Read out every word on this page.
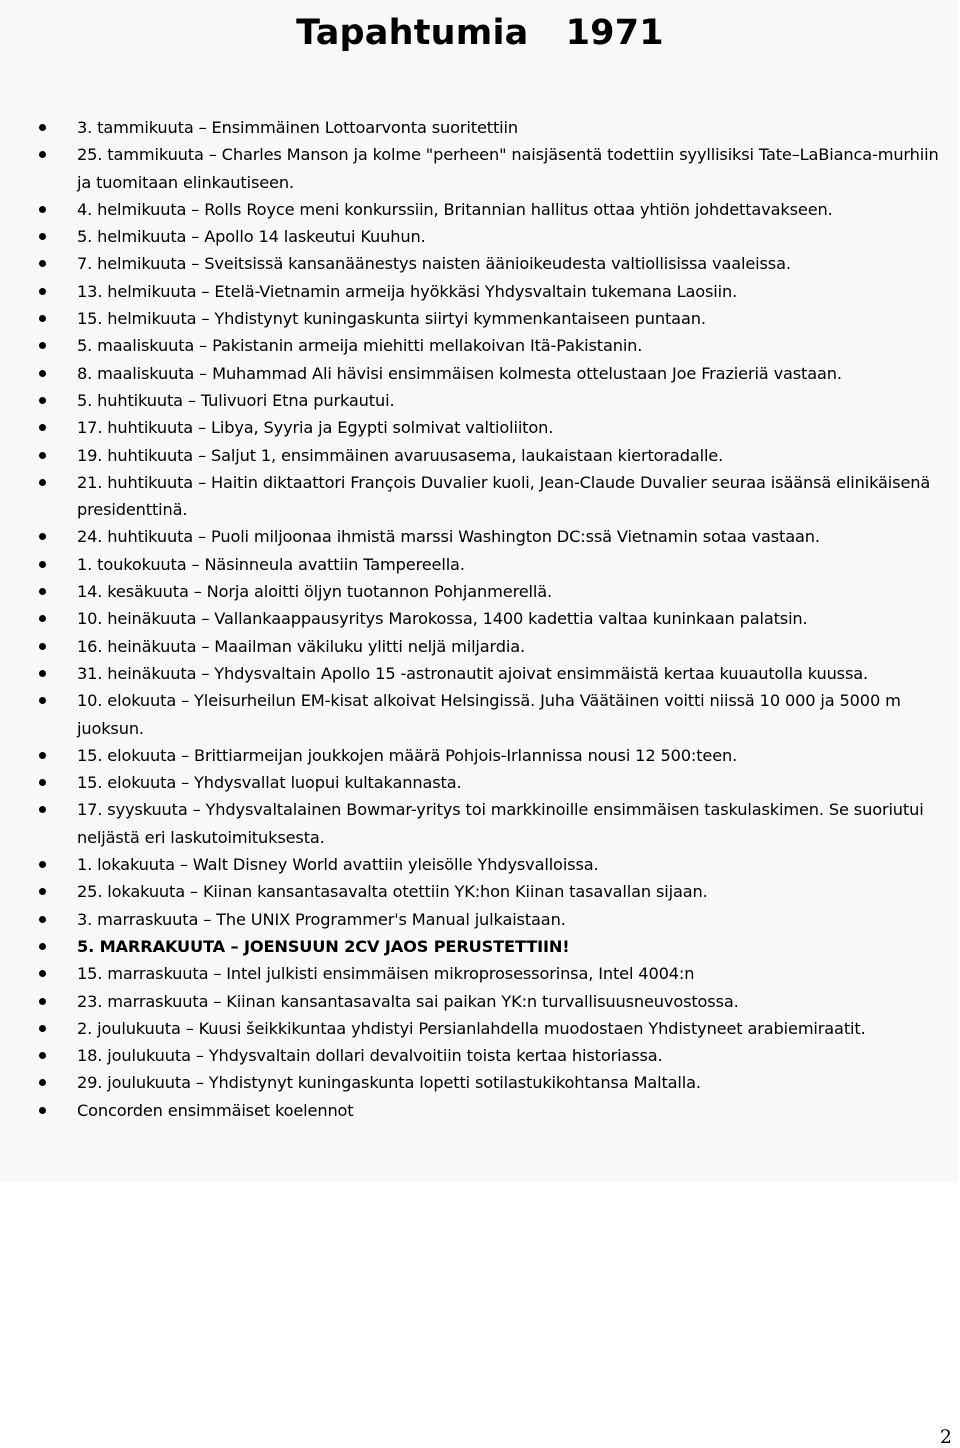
Tapahtumia   1971
3. tammikuuta – Ensimmäinen Lottoarvonta suoritettiin
25. tammikuuta – Charles Manson ja kolme "perheen" naisjäsentä todettiin syyllisiksi Tate–LaBianca-murhiin ja tuomitaan elinkautiseen.
4. helmikuuta – Rolls Royce meni konkurssiin, Britannian hallitus ottaa yhtiön johdettavakseen.
5. helmikuuta – Apollo 14 laskeutui Kuuhun.
7. helmikuuta – Sveitsissä kansanäänestys naisten äänioikeudesta valtiollisissa vaaleissa.
13. helmikuuta – Etelä-Vietnamin armeija hyökkäsi Yhdysvaltain tukemana Laosiin.
15. helmikuuta – Yhdistynyt kuningaskunta siirtyi kymmenkantaiseen puntaan.
5. maaliskuuta – Pakistanin armeija miehitti mellakoivan Itä-Pakistanin.
8. maaliskuuta – Muhammad Ali hävisi ensimmäisen kolmesta ottelustaan Joe Frazieriä vastaan.
5. huhtikuuta – Tulivuori Etna purkautui.
17. huhtikuuta – Libya, Syyria ja Egypti solmivat valtioliiton.
19. huhtikuuta – Saljut 1, ensimmäinen avaruusasema, laukaistaan kiertoradalle.
21. huhtikuuta – Haitin diktaattori François Duvalier kuoli, Jean-Claude Duvalier seuraa isäänsä elinikäisenä presidenttinä.
24. huhtikuuta – Puoli miljoonaa ihmistä marssi Washington DC:ssä Vietnamin sotaa vastaan.
1. toukokuuta – Näsinneula avattiin Tampereella.
14. kesäkuuta – Norja aloitti öljyn tuotannon Pohjanmerellä.
10. heinäkuuta – Vallankaappausyritys Marokossa, 1400 kadettia valtaa kuninkaan palatsin.
16. heinäkuuta – Maailman väkiluku ylitti neljä miljardia.
31. heinäkuuta – Yhdysvaltain Apollo 15 -astronautit ajoivat ensimmäistä kertaa kuuautolla kuussa.
10. elokuuta – Yleisurheilun EM-kisat alkoivat Helsingissä. Juha Väätäinen voitti niissä 10 000 ja 5000 m juoksun.
15. elokuuta – Brittiarmeijan joukkojen määrä Pohjois-Irlannissa nousi 12 500:teen.
15. elokuuta – Yhdysvallat luopui kultakannasta.
17. syyskuuta – Yhdysvaltalainen Bowmar-yritys toi markkinoille ensimmäisen taskulaskimen. Se suoriutui neljästä eri laskutoimituksesta.
1. lokakuuta – Walt Disney World avattiin yleisölle Yhdysvalloissa.
25. lokakuuta – Kiinan kansantasavalta otettiin YK:hon Kiinan tasavallan sijaan.
3. marraskuuta – The UNIX Programmer's Manual julkaistaan.
5. MARRAKUUTA – JOENSUUN 2CV JAOS PERUSTETTIIN!
15. marraskuuta – Intel julkisti ensimmäisen mikroprosessorinsa, Intel 4004:n
23. marraskuuta – Kiinan kansantasavalta sai paikan YK:n turvallisuusneuvostossa.
2. joulukuuta – Kuusi šeikkikuntaa yhdistyi Persianlahdella muodostaen Yhdistyneet arabiemiraatit.
18. joulukuuta – Yhdysvaltain dollari devalvoitiin toista kertaa historiassa.
29. joulukuuta – Yhdistynyt kuningaskunta lopetti sotilastukikohtansa Maltalla.
Concorden ensimmäiset koelennot
2
